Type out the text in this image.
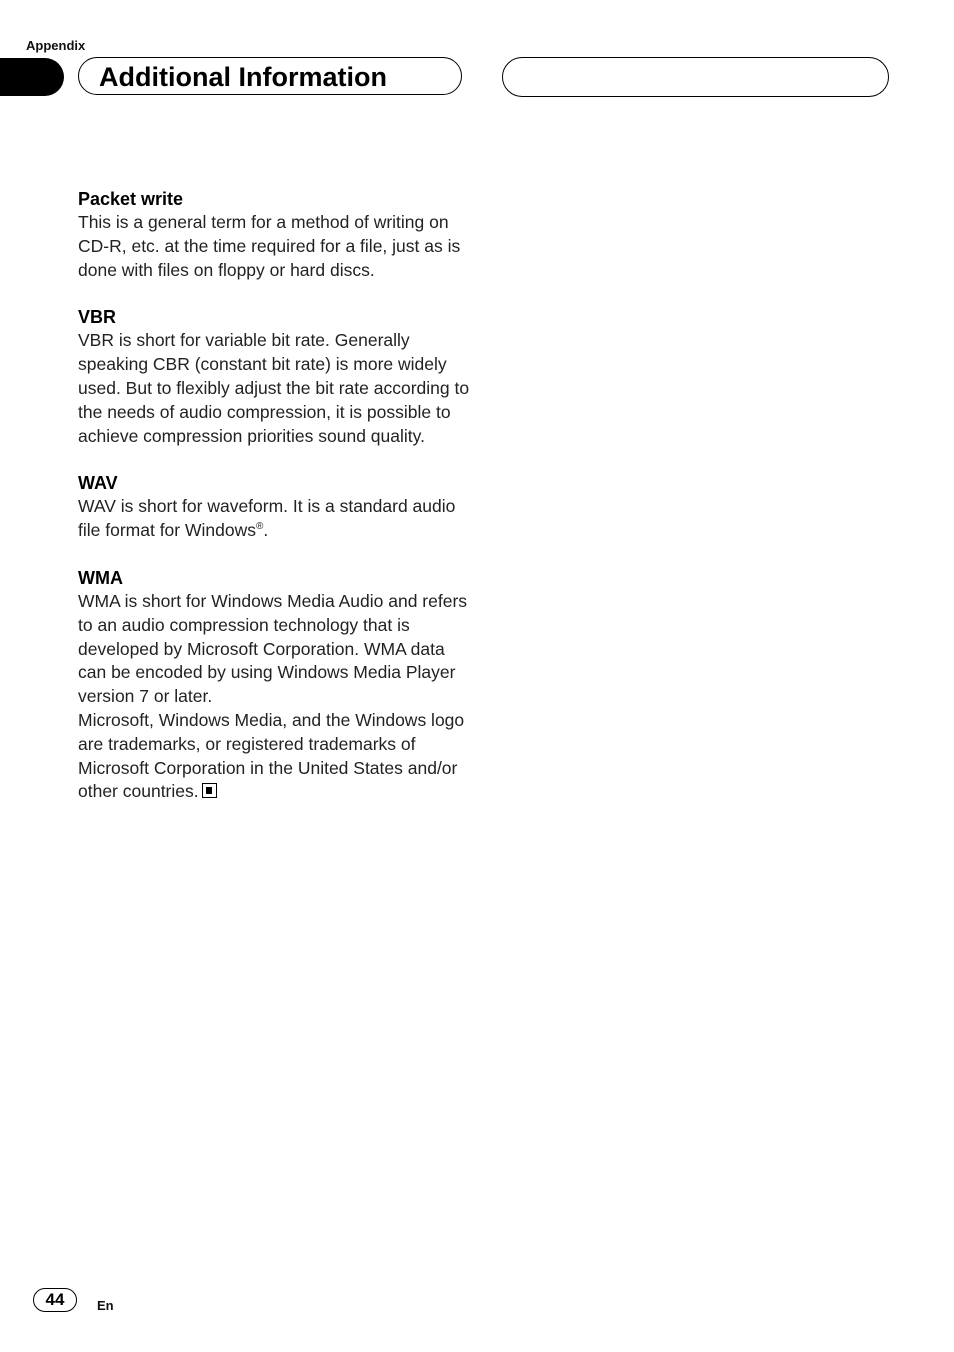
Appendix
Additional Information
Packet write

This is a general term for a method of writing on CD-R, etc. at the time required for a file, just as is done with files on floppy or hard discs.

VBR

VBR is short for variable bit rate. Generally speaking CBR (constant bit rate) is more widely used. But to flexibly adjust the bit rate according to the needs of audio compression, it is possible to achieve compression priorities sound quality.

WAV

WAV is short for waveform. It is a standard audio file format for Windows®.

WMA

WMA is short for Windows Media Audio and refers to an audio compression technology that is developed by Microsoft Corporation. WMA data can be encoded by using Windows Media Player version 7 or later.

Microsoft, Windows Media, and the Windows logo are trademarks, or registered trademarks of Microsoft Corporation in the United States and/or other countries.

44	En
